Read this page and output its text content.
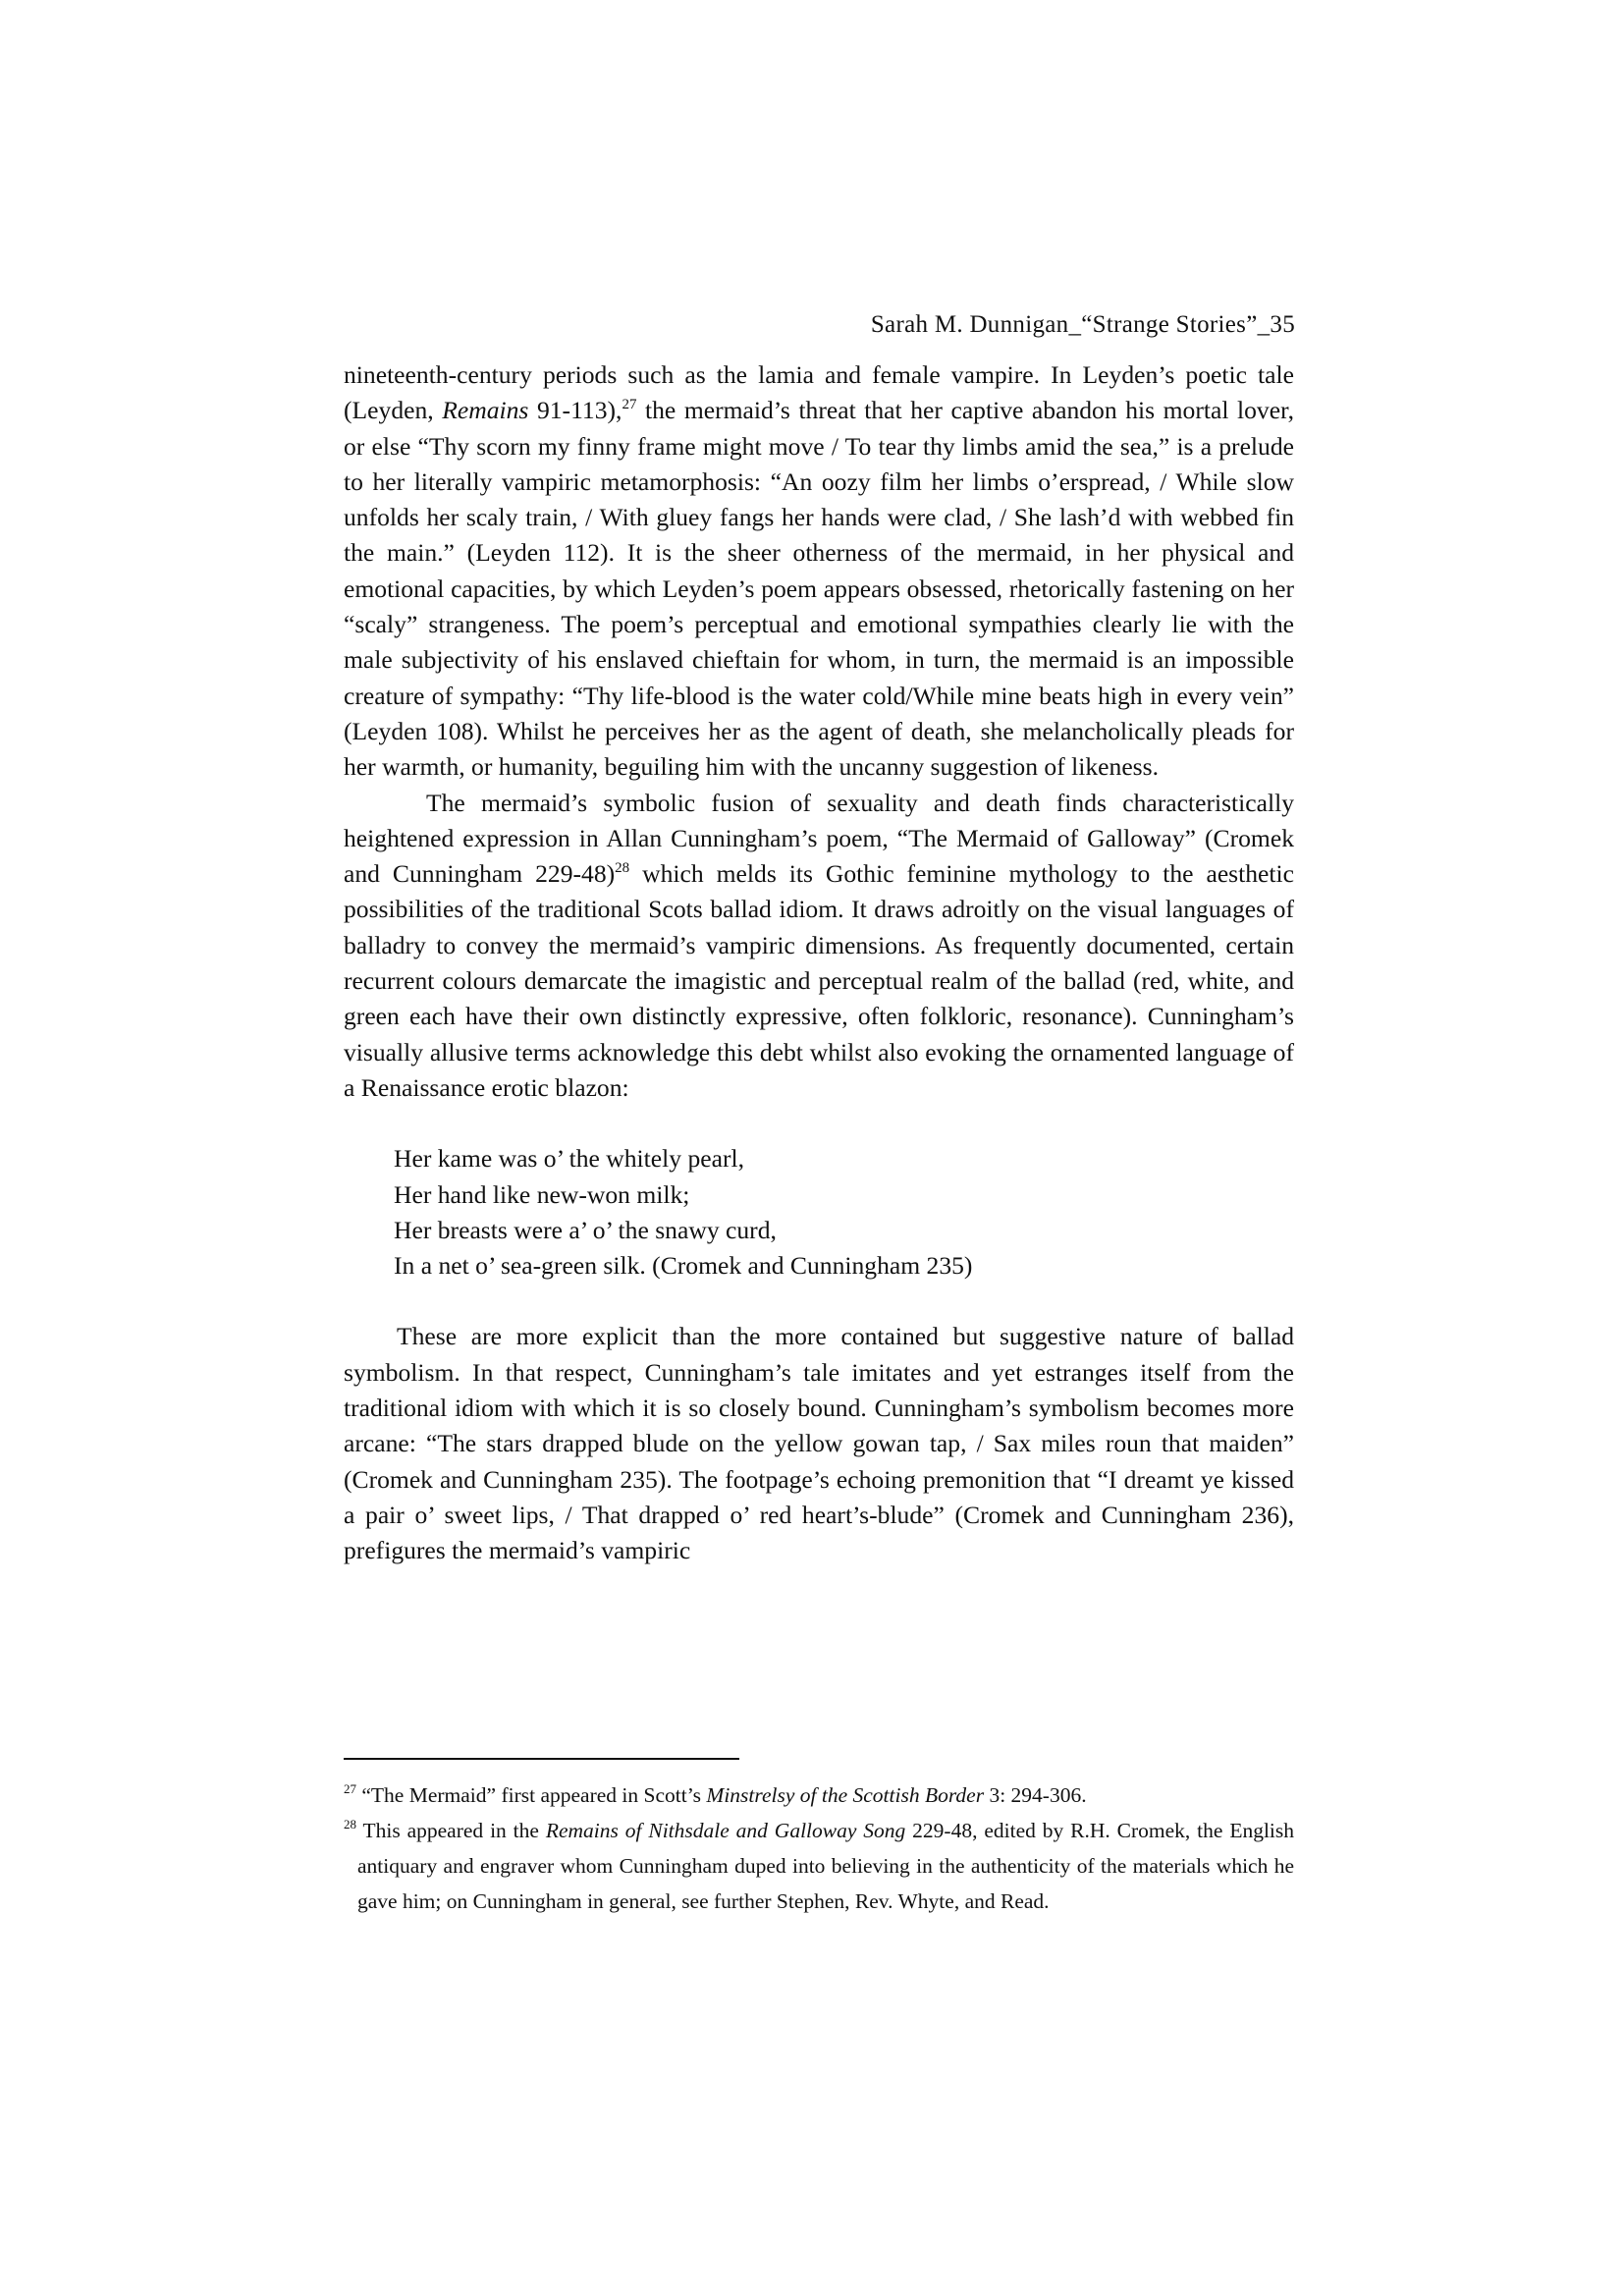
Sarah M. Dunnigan_“Strange Stories”_35

nineteenth-century periods such as the lamia and female vampire. In Leyden’s poetic tale (Leyden, Remains 91-113),$^{27}$ the mermaid’s threat that her captive abandon his mortal lover, or else “Thy scorn my finny frame might move / To tear thy limbs amid the sea,” is a prelude to her literally vampiric metamorphosis: “An oozy film her limbs o’erspread, / While slow unfolds her scaly train, / With gluey fangs her hands were clad, / She lash’d with webbed fin the main.” (Leyden 112). It is the sheer otherness of the mermaid, in her physical and emotional capacities, by which Leyden’s poem appears obsessed, rhetorically fastening on her “scaly” strangeness. The poem’s perceptual and emotional sympathies clearly lie with the male subjectivity of his enslaved chieftain for whom, in turn, the mermaid is an impossible creature of sympathy: “Thy life-blood is the water cold/While mine beats high in every vein” (Leyden 108). Whilst he perceives her as the agent of death, she melancholically pleads for her warmth, or humanity, beguiling him with the uncanny suggestion of likeness.

The mermaid’s symbolic fusion of sexuality and death finds characteristically heightened expression in Allan Cunningham’s poem, “The Mermaid of Galloway” (Cromek and Cunningham 229-48)$^{28}$ which melds its Gothic feminine mythology to the aesthetic possibilities of the traditional Scots ballad idiom. It draws adroitly on the visual languages of balladry to convey the mermaid’s vampiric dimensions. As frequently documented, certain recurrent colours demarcate the imagistic and perceptual realm of the ballad (red, white, and green each have their own distinctly expressive, often folkloric, resonance). Cunningham’s visually allusive terms acknowledge this debt whilst also evoking the ornamented language of a Renaissance erotic blazon:

Her kame was o’ the whitely pearl,
Her hand like new-won milk;
Her breasts were a’ o’ the snawy curd,
In a net o’ sea-green silk. (Cromek and Cunningham 235)

These are more explicit than the more contained but suggestive nature of ballad symbolism. In that respect, Cunningham’s tale imitates and yet estranges itself from the traditional idiom with which it is so closely bound. Cunningham’s symbolism becomes more arcane: “The stars drapped blude on the yellow gowan tap, / Sax miles roun that maiden” (Cromek and Cunningham 235). The footpage’s echoing premonition that “I dreamt ye kissed a pair o’ sweet lips, / That drapped o’ red heart’s-blude” (Cromek and Cunningham 236), prefigures the mermaid’s vampiric

$^{27}$ “The Mermaid” first appeared in Scott’s Minstrelsy of the Scottish Border 3: 294-306.

$^{28}$ This appeared in the Remains of Nithsdale and Galloway Song 229-48, edited by R.H. Cromek, the English antiquary and engraver whom Cunningham duped into believing in the authenticity of the materials which he gave him; on Cunningham in general, see further Stephen, Rev. Whyte, and Read.
